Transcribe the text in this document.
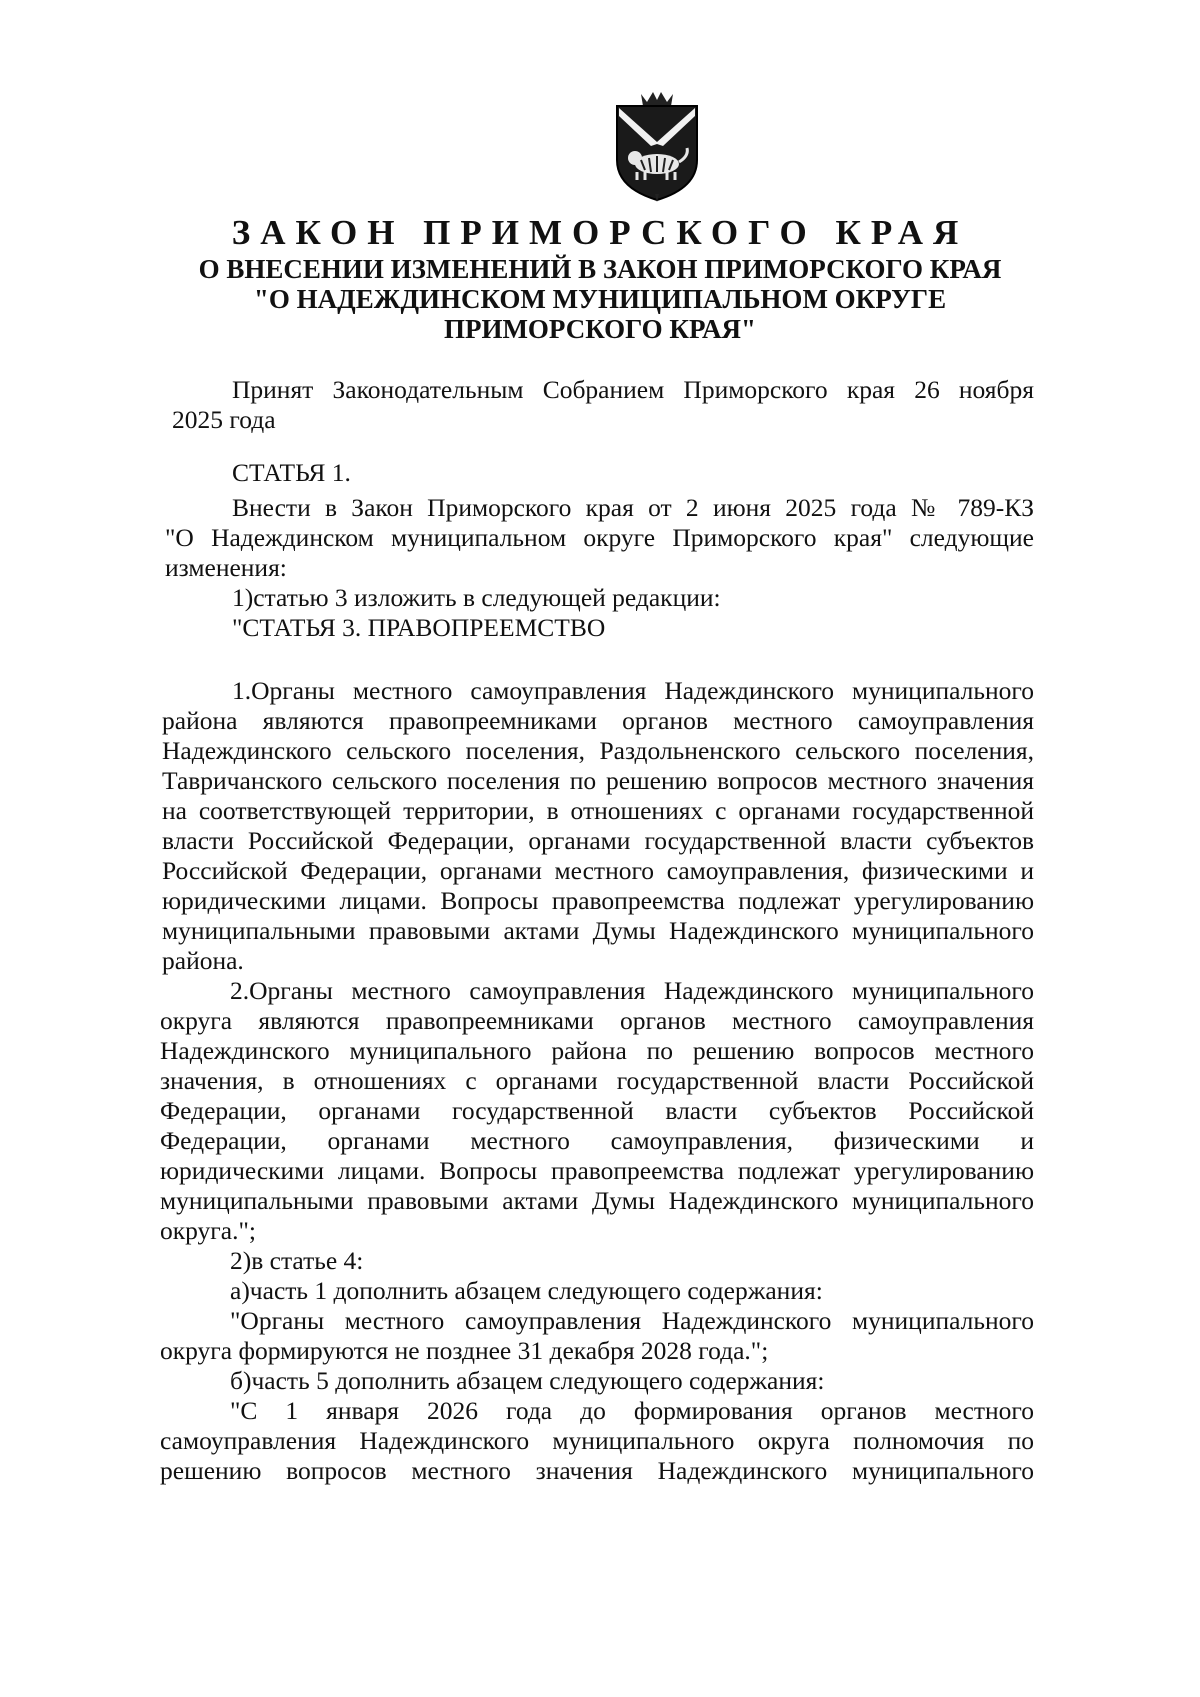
ЗАКОН ПРИМОРСКОГО КРАЯ
О ВНЕСЕНИИ ИЗМЕНЕНИЙ В ЗАКОН ПРИМОРСКОГО КРАЯ
"О НАДЕЖДИНСКОМ МУНИЦИПАЛЬНОМ ОКРУГЕ
ПРИМОРСКОГО КРАЯ"
Принят Законодательным Собранием Приморского края 26 ноября
2025 года
СТАТЬЯ 1.
Внести в Закон Приморского края от 2 июня 2025 года № 789-КЗ
"О Надеждинском муниципальном округе Приморского края" следующие
изменения:
1)статью 3 изложить в следующей редакции:
"СТАТЬЯ 3. ПРАВОПРЕЕМСТВО
1.Органы местного самоуправления Надеждинского муниципального
района являются правопреемниками органов местного самоуправления
Надеждинского сельского поселения, Раздольненского сельского поселения,
Тавричанского сельского поселения по решению вопросов местного значения
на соответствующей территории, в отношениях с органами государственной
власти Российской Федерации, органами государственной власти субъектов
Российской Федерации, органами местного самоуправления, физическими и
юридическими лицами. Вопросы правопреемства подлежат урегулированию
муниципальными правовыми актами Думы Надеждинского муниципального
района.
2.Органы местного самоуправления Надеждинского муниципального
округа являются правопреемниками органов местного самоуправления
Надеждинского муниципального района по решению вопросов местного
значения, в отношениях с органами государственной власти Российской
Федерации, органами государственной власти субъектов Российской
Федерации, органами местного самоуправления, физическими и
юридическими лицами. Вопросы правопреемства подлежат урегулированию
муниципальными правовыми актами Думы Надеждинского муниципального
округа.";
2)в статье 4:
а)часть 1 дополнить абзацем следующего содержания:
"Органы местного самоуправления Надеждинского муниципального
округа формируются не позднее 31 декабря 2028 года.";
б)часть 5 дополнить абзацем следующего содержания:
"С 1 января 2026 года до формирования органов местного
самоуправления Надеждинского муниципального округа полномочия по
решению вопросов местного значения Надеждинского муниципального
